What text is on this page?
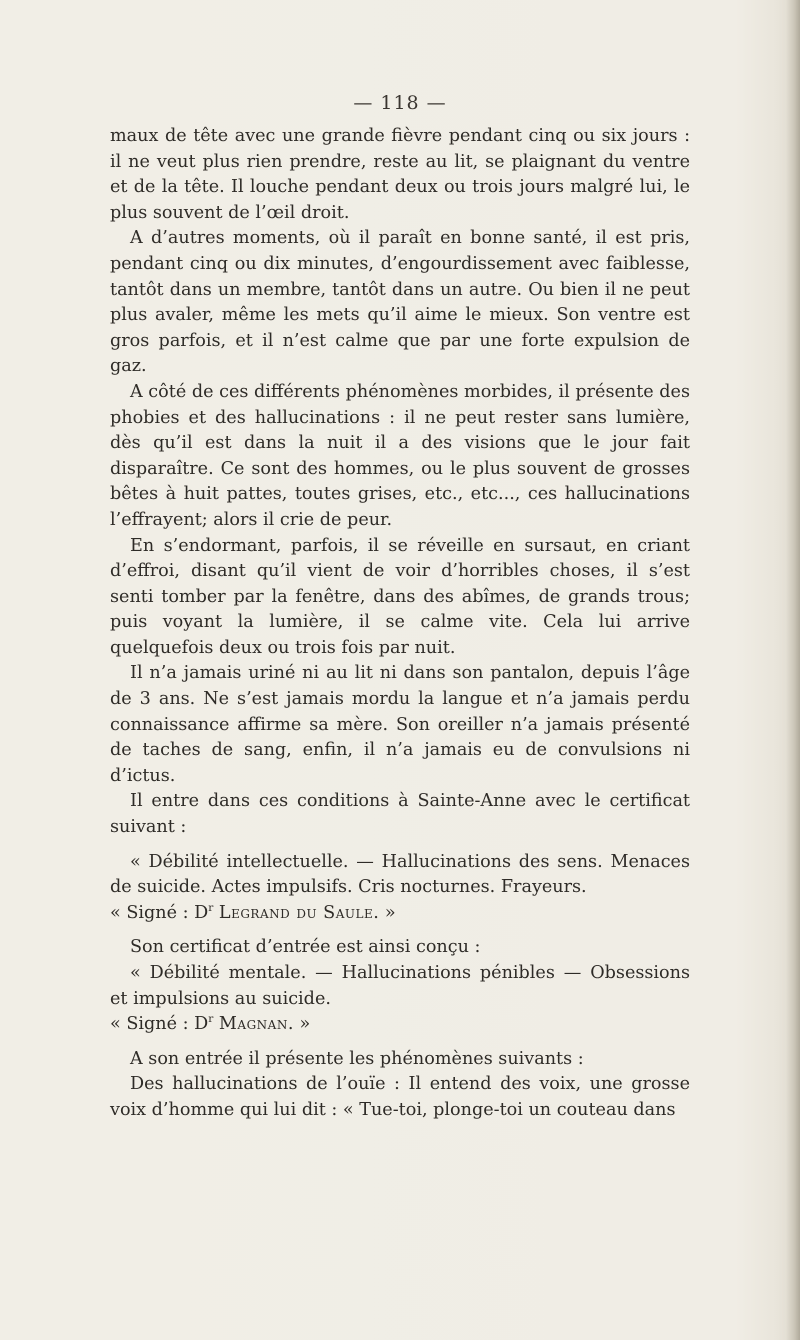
— 118 —

maux de tête avec une grande fièvre pendant cinq ou six jours : il ne veut plus rien prendre, reste au lit, se plaignant du ventre et de la tête. Il louche pendant deux ou trois jours malgré lui, le plus souvent de l’œil droit.

A d’autres moments, où il paraît en bonne santé, il est pris, pendant cinq ou dix minutes, d’engourdissement avec faiblesse, tantôt dans un membre, tantôt dans un autre. Ou bien il ne peut plus avaler, même les mets qu’il aime le mieux. Son ventre est gros parfois, et il n’est calme que par une forte expulsion de gaz.

A côté de ces différents phénomènes morbides, il présente des phobies et des hallucinations : il ne peut rester sans lumière, dès qu’il est dans la nuit il a des visions que le jour fait disparaître. Ce sont des hommes, ou le plus souvent de grosses bêtes à huit pattes, toutes grises, etc., etc..., ces hallucinations l’effrayent; alors il crie de peur.

En s’endormant, parfois, il se réveille en sursaut, en criant d’effroi, disant qu’il vient de voir d’horribles choses, il s’est senti tomber par la fenêtre, dans des abîmes, de grands trous; puis voyant la lumière, il se calme vite. Cela lui arrive quelquefois deux ou trois fois par nuit.

Il n’a jamais uriné ni au lit ni dans son pantalon, depuis l’âge de 3 ans. Ne s’est jamais mordu la langue et n’a jamais perdu connaissance affirme sa mère. Son oreiller n’a jamais présenté de taches de sang, enfin, il n’a jamais eu de convulsions ni d’ictus.

Il entre dans ces conditions à Sainte-Anne avec le certificat suivant :

« Débilité intellectuelle. — Hallucinations des sens. Menaces de suicide. Actes impulsifs. Cris nocturnes. Frayeurs.

« Signé : $D^r$ Legrand du Saule. »

Son certificat d’entrée est ainsi conçu :

« Débilité mentale. — Hallucinations pénibles — Obsessions et impulsions au suicide.

« Signé : $D^r$ Magnan. »

A son entrée il présente les phénomènes suivants :

Des hallucinations de l’ouïe : Il entend des voix, une grosse voix d’homme qui lui dit : « Tue-toi, plonge-toi un couteau dans
